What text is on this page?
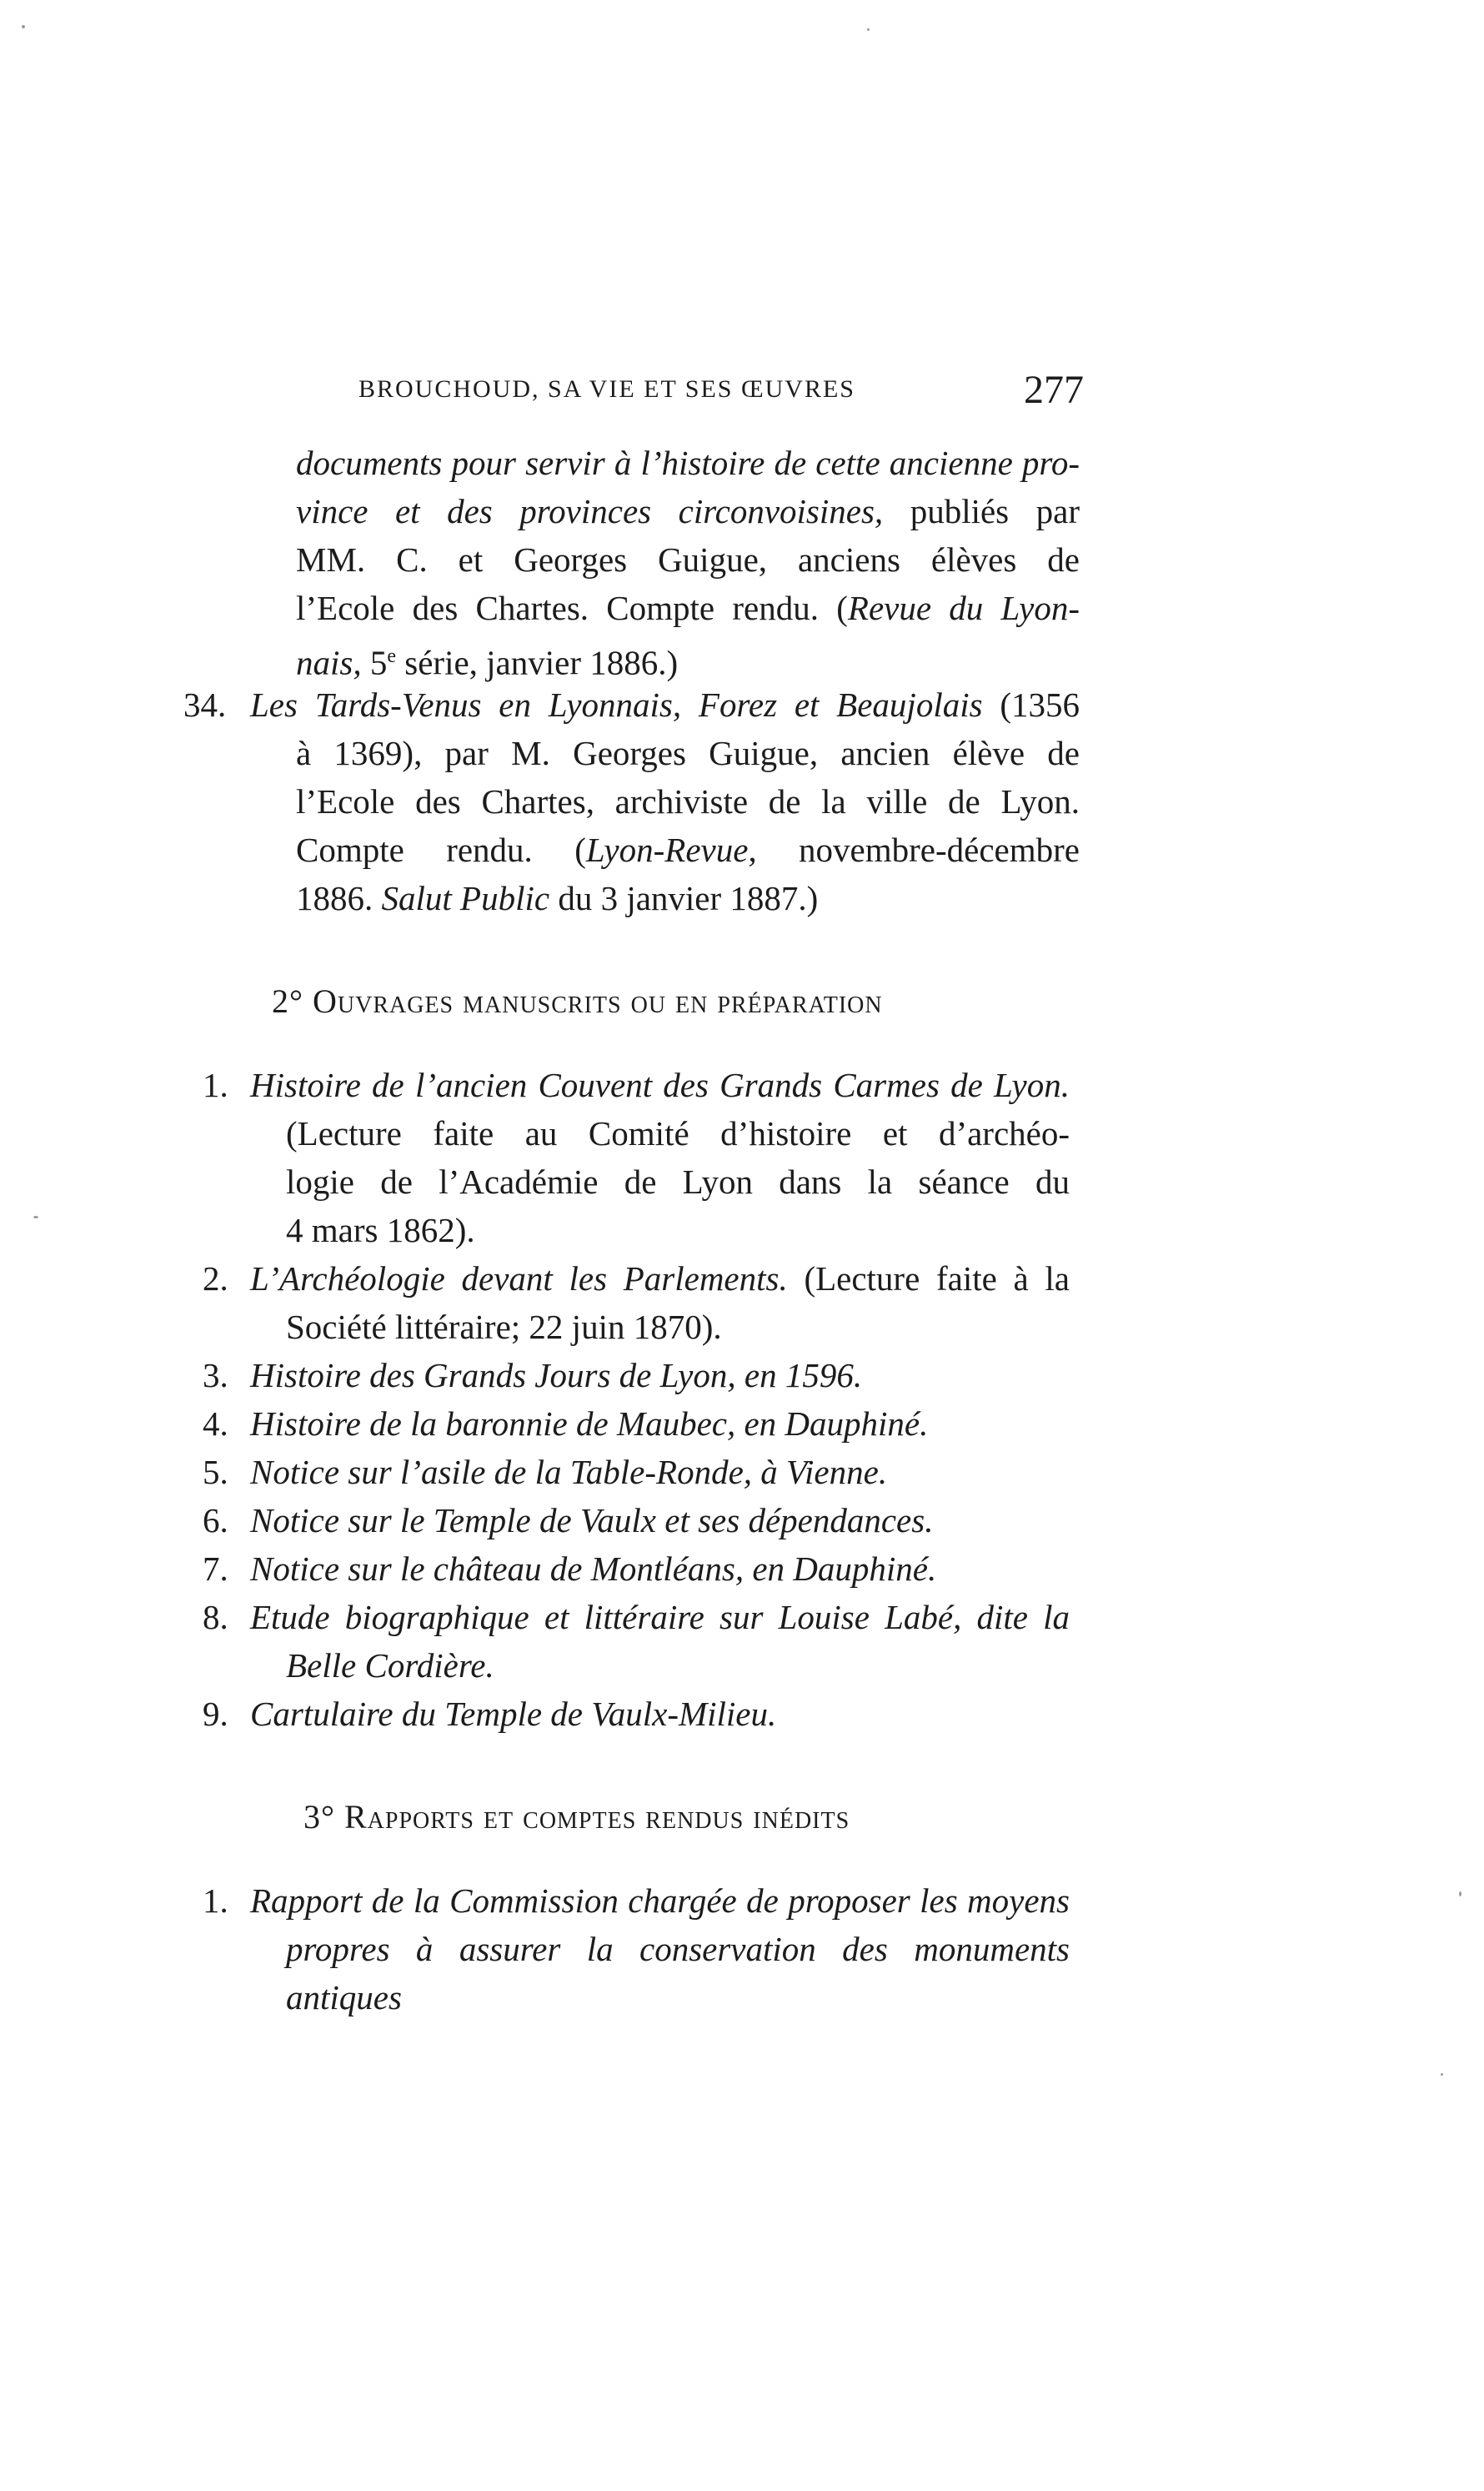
BROUCHOUD, SA VIE ET SES ŒUVRES	277
documents pour servir à l’histoire de cette ancienne pro-
vince et des provinces circonvoisines, publiés par
MM. C. et Georges Guigue, anciens élèves de
l’Ecole des Chartes. Compte rendu. (Revue du Lyon-
nais, 5e série, janvier 1886.)
34. Les Tards-Venus en Lyonnais, Forez et Beaujolais (1356
à 1369), par M. Georges Guigue, ancien élève de
l’Ecole des Chartes, archiviste de la ville de Lyon.
Compte rendu. (Lyon-Revue, novembre-décembre
1886. Salut Public du 3 janvier 1887.)
2° Ouvrages manuscrits ou en préparation
1. Histoire de l’ancien Couvent des Grands Carmes de Lyon.
(Lecture faite au Comité d’histoire et d’archéo-
logie de l’Académie de Lyon dans la séance du
4 mars 1862).
2. L’Archéologie devant les Parlements. (Lecture faite à la
Société littéraire; 22 juin 1870).
3. Histoire des Grands Jours de Lyon, en 1596.
4. Histoire de la baronnie de Maubec, en Dauphiné.
5. Notice sur l’asile de la Table-Ronde, à Vienne.
6. Notice sur le Temple de Vaulx et ses dépendances.
7. Notice sur le château de Montléans, en Dauphiné.
8. Etude biographique et littéraire sur Louise Labé, dite la
Belle Cordière.
9. Cartulaire du Temple de Vaulx-Milieu.
3° Rapports et comptes rendus inédits
1. Rapport de la Commission chargée de proposer les moyens
propres à assurer la conservation des monuments antiques
